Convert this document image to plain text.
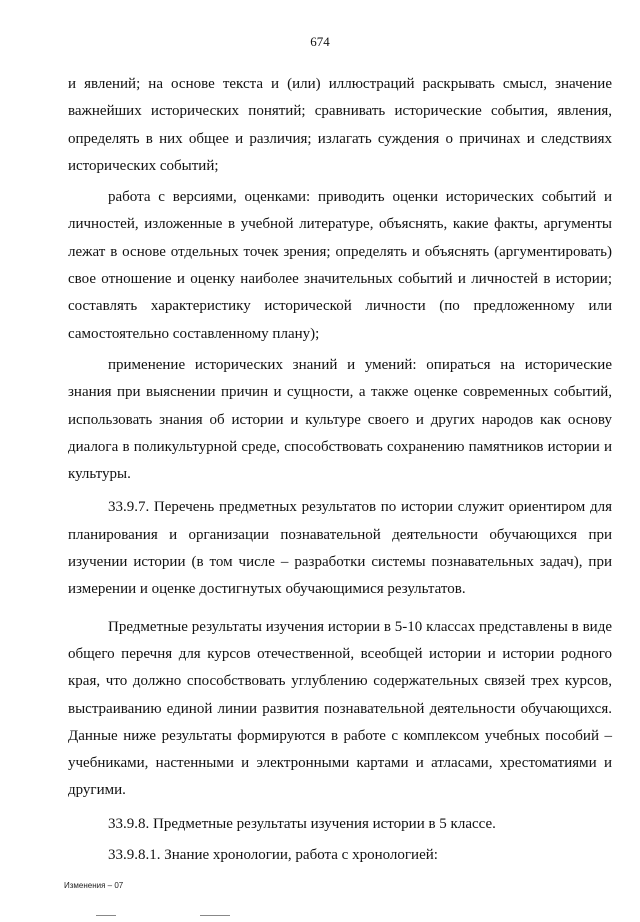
674

и явлений; на основе текста и (или) иллюстраций раскрывать смысл, значение важнейших исторических понятий; сравнивать исторические события, явления, определять в них общее и различия; излагать суждения о причинах и следствиях исторических событий;

работа с версиями, оценками: приводить оценки исторических событий и личностей, изложенные в учебной литературе, объяснять, какие факты, аргументы лежат в основе отдельных точек зрения; определять и объяснять (аргументировать) свое отношение и оценку наиболее значительных событий и личностей в истории; составлять характеристику исторической личности (по предложенному или самостоятельно составленному плану);

применение исторических знаний и умений: опираться на исторические знания при выяснении причин и сущности, а также оценке современных событий, использовать знания об истории и культуре своего и других народов как основу диалога в поликультурной среде, способствовать сохранению памятников истории и культуры.

33.9.7. Перечень предметных результатов по истории служит ориентиром для планирования и организации познавательной деятельности обучающихся при изучении истории (в том числе – разработки системы познавательных задач), при измерении и оценке достигнутых обучающимися результатов.

Предметные результаты изучения истории в 5-10 классах представлены в виде общего перечня для курсов отечественной, всеобщей истории и истории родного края, что должно способствовать углублению содержательных связей трех курсов, выстраиванию единой линии развития познавательной деятельности обучающихся. Данные ниже результаты формируются в работе с комплексом учебных пособий – учебниками, настенными и электронными картами и атласами, хрестоматиями и другими.

33.9.8. Предметные результаты изучения истории в 5 классе.

33.9.8.1. Знание хронологии, работа с хронологией:

Изменения – 07
